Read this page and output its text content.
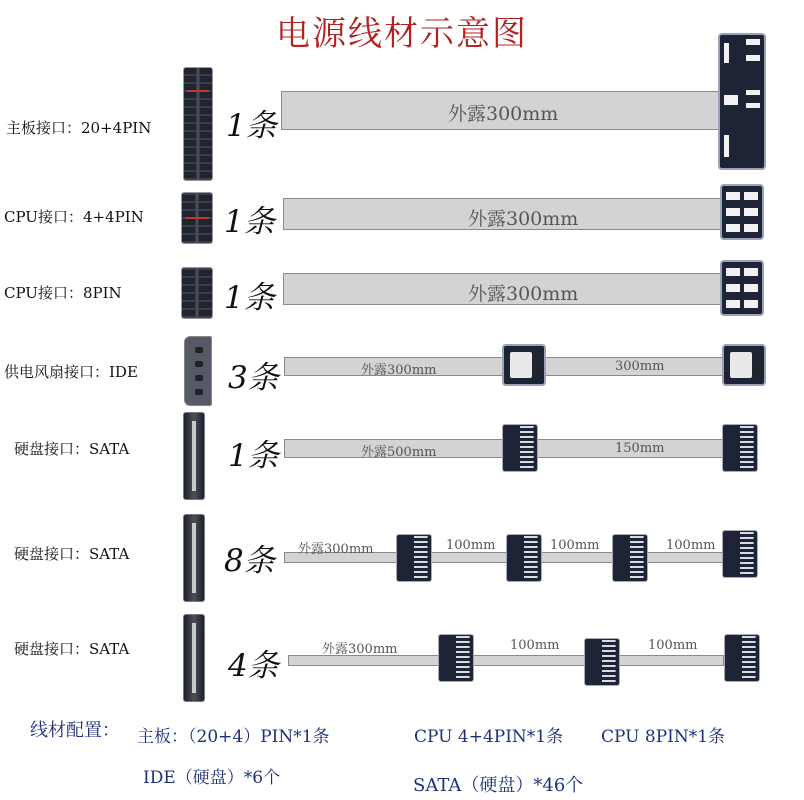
电源线材示意图
主板接口：20+4PIN 1条	外露300mm
CPU接口：4+4PIN	1条	外露300mm
CPU接口：8PIN	1条	外露300mm
供电风扇接口：IDE	3条	外露300mm	300mm
硬盘接口：SATA	1条	外露500mm	150mm
硬盘接口：SATA	8条 外露300mm	100mm	100mm	100mm
硬盘接口：SATA	4条	外露300mm	100mm	100mm
线材配置： 主板：（20+4）PIN*1条	CPU 4+4PIN*1条 CPU 8PIN*1条
IDE（硬盘）*6个	SATA（硬盘）*46个
